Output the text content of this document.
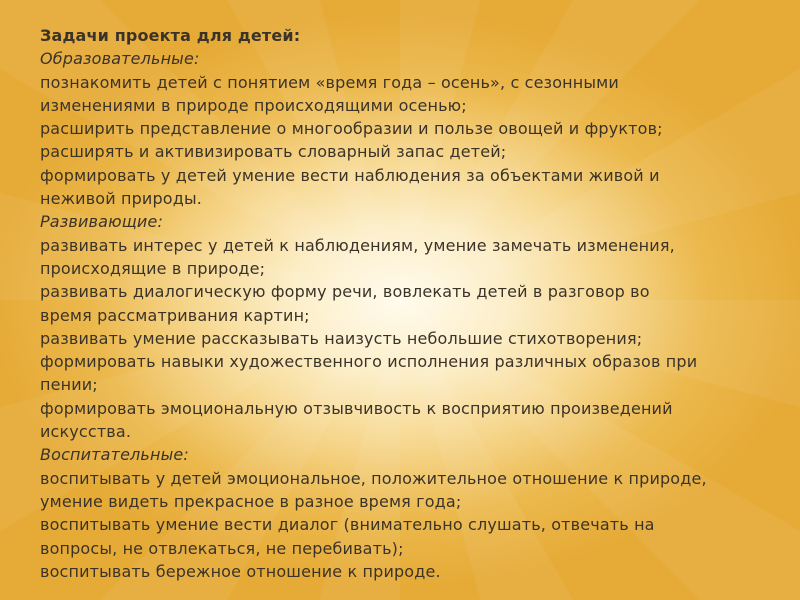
Задачи проекта для детей:
Образовательные:
познакомить детей с понятием «время года – осень», с сезонными
изменениями в природе происходящими осенью;
расширить представление о многообразии и пользе овощей и фруктов;
расширять и активизировать словарный запас детей;
формировать у детей умение вести наблюдения за объектами живой и
неживой природы.
Развивающие:
развивать интерес у детей к наблюдениям, умение замечать изменения,
происходящие в природе;
развивать диалогическую форму речи, вовлекать детей в разговор во
время рассматривания картин;
развивать умение рассказывать наизусть небольшие стихотворения;
формировать навыки художественного исполнения различных образов при
пении;
формировать эмоциональную отзывчивость к восприятию произведений
искусства.
Воспитательные:
воспитывать у детей эмоциональное, положительное отношение к природе,
умение видеть прекрасное в разное время года;
воспитывать умение вести диалог (внимательно слушать, отвечать на
вопросы, не отвлекаться, не перебивать);
воспитывать бережное отношение к природе.
